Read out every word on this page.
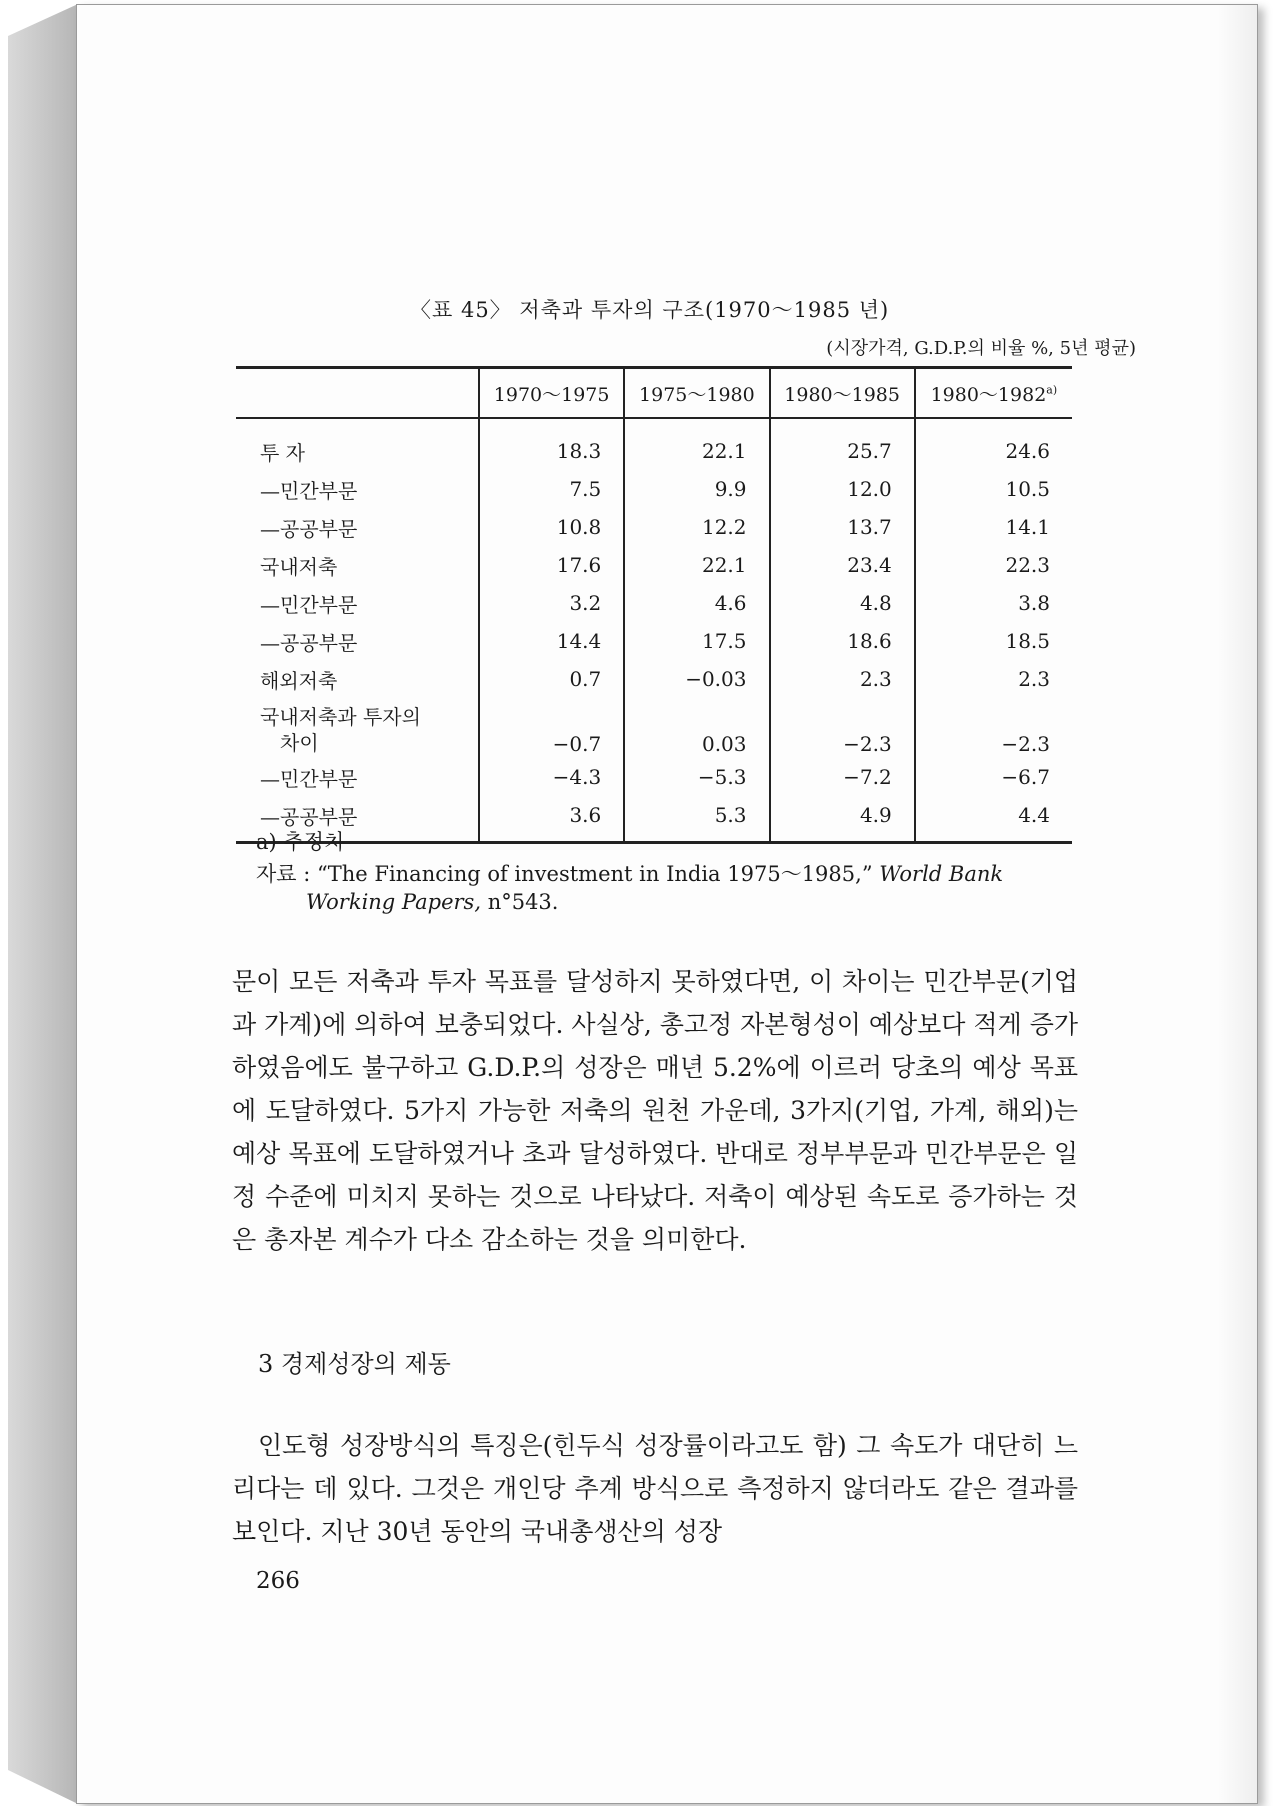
〈표 45〉 저축과 투자의 구조(1970～1985 년)
(시장가격, G.D.P.의 비율 %, 5년 평균)
	1970～1975	1975～1980	1980～1985	1980～1982$^{a)}$
투 자	18.3	22.1	25.7	24.6
—민간부문	7.5	9.9	12.0	10.5
—공공부문	10.8	12.2	13.7	14.1
국내저축	17.6	22.1	23.4	22.3
—민간부문	3.2	4.6	4.8	3.8
—공공부문	14.4	17.5	18.6	18.5
해외저축	0.7	−0.03	2.3	2.3

국내저축과 투자의
차이	−0.7	0.03	−2.3	−2.3
—민간부문	−4.3	−5.3	−7.2	−6.7
—공공부문	3.6	5.3	4.9	4.4
a) 추정치
자료 : “The Financing of investment in India 1975～1985,” World Bank
Working Papers, n°543.
문이 모든 저축과 투자 목표를 달성하지 못하였다면, 이 차이는 민간부문(기업과 가계)에 의하여 보충되었다. 사실상, 총고정 자본형성이 예상보다 적게 증가하였음에도 불구하고 G.D.P.의 성장은 매년 5.2%에 이르러 당초의 예상 목표에 도달하였다. 5가지 가능한 저축의 원천 가운데, 3가지(기업, 가계, 해외)는 예상 목표에 도달하였거나 초과 달성하였다. 반대로 정부부문과 민간부문은 일정 수준에 미치지 못하는 것으로 나타났다. 저축이 예상된 속도로 증가하는 것은 총자본 계수가 다소 감소하는 것을 의미한다.
3 경제성장의 제동
인도형 성장방식의 특징은(힌두식 성장률이라고도 함) 그 속도가 대단히 느리다는 데 있다. 그것은 개인당 추계 방식으로 측정하지 않더라도 같은 결과를 보인다. 지난 30년 동안의 국내총생산의 성장
266
